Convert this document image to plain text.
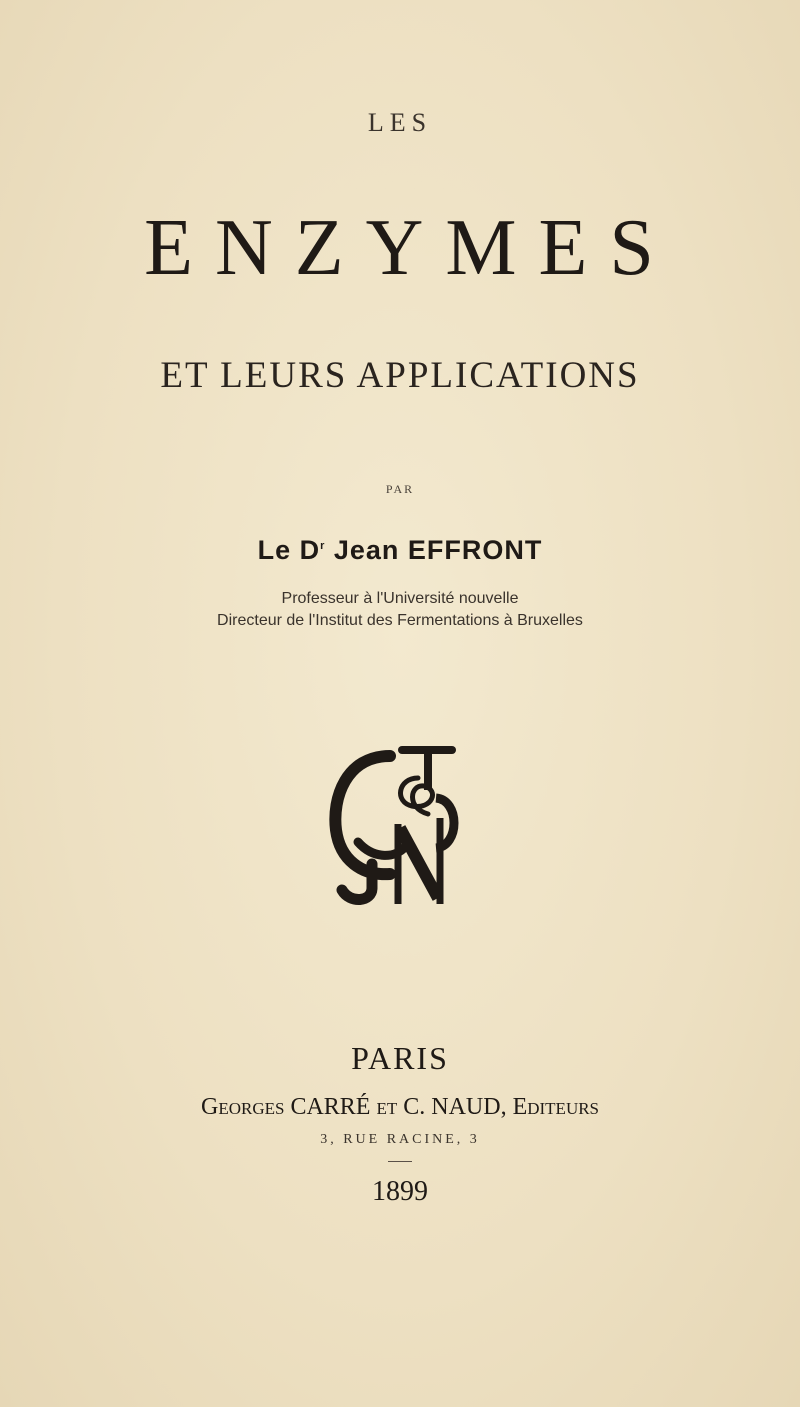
LES
ENZYMES
ET LEURS APPLICATIONS
PAR
Le $D^r$ Jean EFFRONT
Professeur à l'Université nouvelle
Directeur de l'Institut des Fermentations à Bruxelles
PARIS
Georges CARRÉ et C. NAUD, Editeurs
3, RUE RACINE, 3
1899
